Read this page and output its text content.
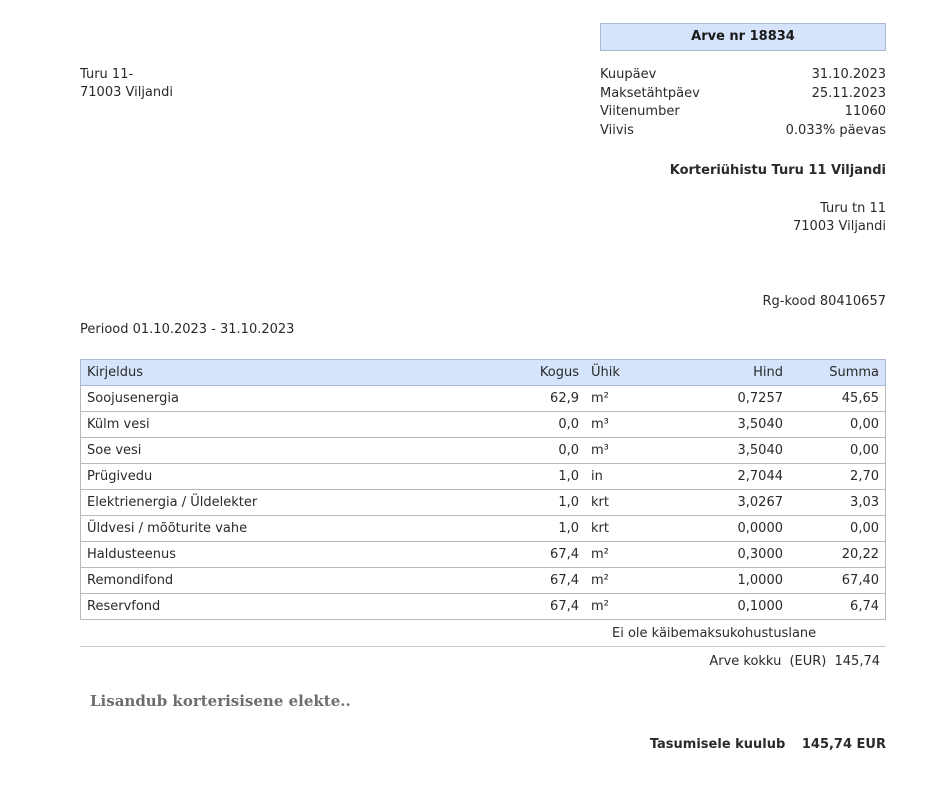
Arve nr 18834
Turu 11-
71003 Viljandi
Kuupäev	31.10.2023
Maksetähtpäev	25.11.2023
Viitenumber	11060
Viivis	0.033% päevas
Korteriühistu Turu 11 Viljandi
Turu tn 11
71003 Viljandi
Rg-kood 80410657
Periood 01.10.2023 - 31.10.2023
Kirjeldus	Kogus	Ühik	Hind	Summa
Soojusenergia	62,9	m²	0,7257	45,65
Külm vesi	0,0	m³	3,5040	0,00
Soe vesi	0,0	m³	3,5040	0,00
Prügivedu	1,0	in	2,7044	2,70
Elektrienergia / Üldelekter	1,0	krt	3,0267	3,03
Üldvesi / mõõturite vahe	1,0	krt	0,0000	0,00
Haldusteenus	67,4	m²	0,3000	20,22
Remondifond	67,4	m²	1,0000	67,40
Reservfond	67,4	m²	0,1000	6,74
Ei ole käibemaksukohustuslane
Arve kokku (EUR) 145,74
Lisandub korterisisene elekte..
Tasumisele kuulub 145,74 EUR
